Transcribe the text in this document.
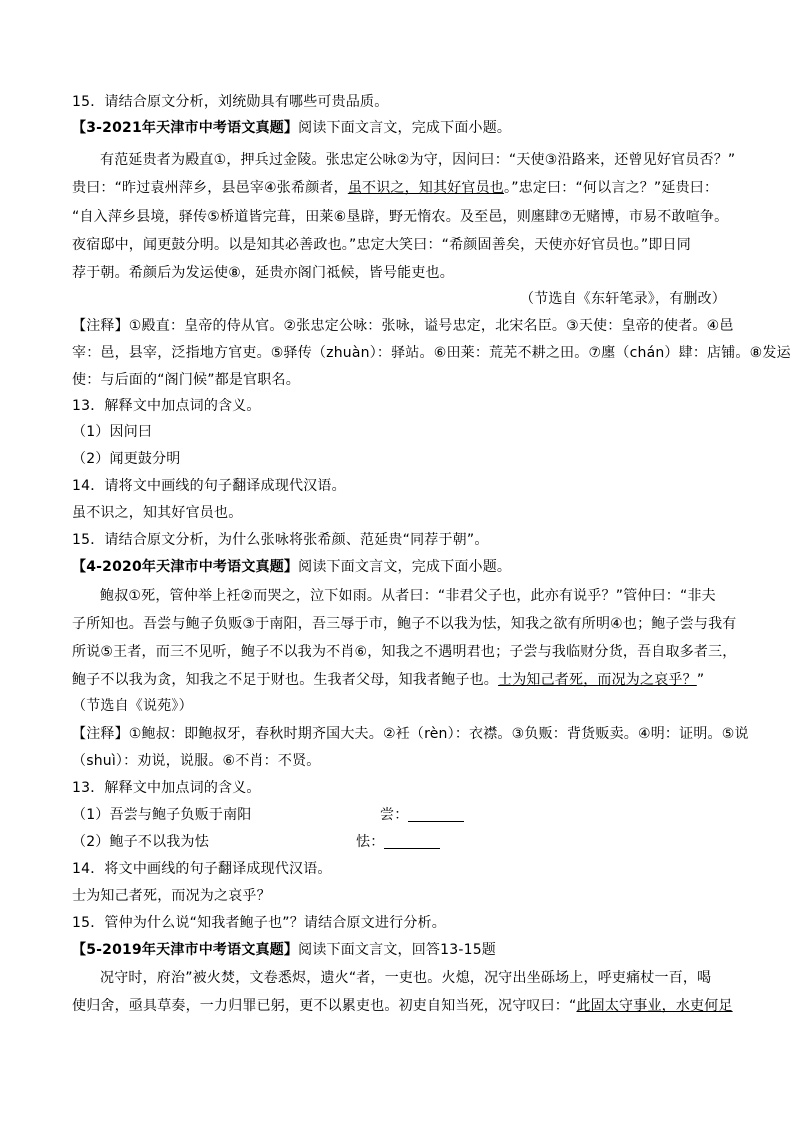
15．请结合原文分析，刘统勋具有哪些可贵品质。
【3-2021年天津市中考语文真题】阅读下面文言文，完成下面小题。
有范延贵者为殿直①，押兵过金陵。张忠定公咏②为守，因问曰：“天使③沿路来，还曾见好官员否？”
贵曰：“昨过袁州萍乡，县邑宰④张希颜者，虽不识之，知其好官员也。”忠定曰：“何以言之？”延贵曰：
“自入萍乡县境，驿传⑤桥道皆完葺，田莱⑥垦辟，野无惰农。及至邑，则廛肆⑦无赌博，市易不敢喧争。
夜宿邸中，闻更鼓分明。以是知其必善政也。”忠定大笑曰：“希颜固善矣，天使亦好官员也。”即日同
荐于朝。希颜后为发运使⑧，延贵亦阁门祗候，皆号能吏也。
（节选自《东轩笔录》，有删改）
【注释】①殿直：皇帝的侍从官。②张忠定公咏：张咏，谥号忠定，北宋名臣。③天使：皇帝的使者。④邑
宰：邑，县宰，泛指地方官吏。⑤驿传（zhuàn）：驿站。⑥田莱：荒芜不耕之田。⑦廛（chán）肆：店铺。⑧发运
使：与后面的“阁门候”都是官职名。
13．解释文中加点词的含义。
（1）因问曰
（2）闻更鼓分明
14．请将文中画线的句子翻译成现代汉语。
虽不识之，知其好官员也。
15．请结合原文分析，为什么张咏将张希颜、范延贵“同荐于朝”。
【4-2020年天津市中考语文真题】阅读下面文言文，完成下面小题。
鲍叔①死，管仲举上衽②而哭之，泣下如雨。从者曰：“非君父子也，此亦有说乎？”管仲曰：“非夫
子所知也。吾尝与鲍子负贩③于南阳，吾三辱于市，鲍子不以我为怯，知我之欲有所明④也；鲍子尝与我有
所说⑤王者，而三不见听，鲍子不以我为不肖⑥，知我之不遇明君也；子尝与我临财分货，吾自取多者三，
鲍子不以我为贪，知我之不足于财也。生我者父母，知我者鲍子也。士为知己者死，而况为之哀乎？”
（节选自《说苑》）
【注释】①鲍叔：即鲍叔牙，春秋时期齐国大夫。②衽（rèn）：衣襟。③负贩：背货贩卖。④明：证明。⑤说
（shuì）：劝说，说服。⑥不肖：不贤。
13．解释文中加点词的含义。
（1）吾尝与鲍子负贩于南阳	尝：
（2）鲍子不以我为怯	怯：
14．将文中画线的句子翻译成现代汉语。
士为知己者死，而况为之哀乎？
15．管仲为什么说“知我者鲍子也”？请结合原文进行分析。
【5-2019年天津市中考语文真题】阅读下面文言文，回答13-15题
况守时，府治”被火焚，文卷悉烬，遗火“者，一吏也。火熄，况守出坐砾场上，呼吏痛杖一百，喝
使归舍，亟具草奏，一力归罪已躬，更不以累吏也。初吏自知当死，况守叹曰：“此固太守事业，水吏何足
